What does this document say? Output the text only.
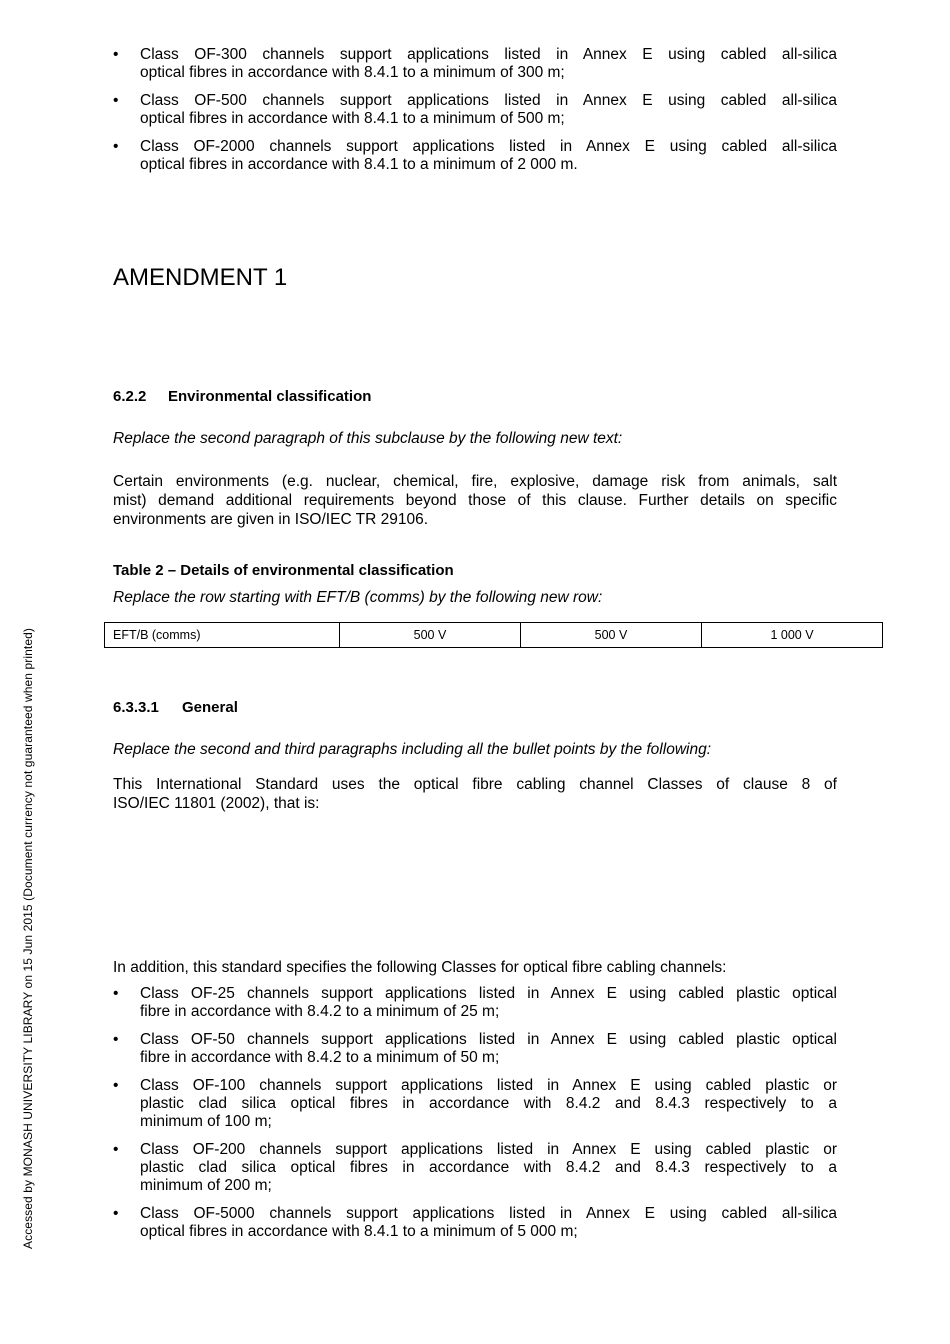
Accessed by MONASH UNIVERSITY LIBRARY on 15 Jun 2015 (Document currency not guaranteed when printed)
AMENDMENT 1
6.2.2 Environmental classification

Replace the second paragraph of this subclause by the following new text:

Certain environments (e.g. nuclear, chemical, fire, explosive, damage risk from animals, salt
mist) demand additional requirements beyond those of this clause. Further details on specific
environments are given in ISO/IEC TR 29106.

Table 2 – Details of environmental classification

Replace the row starting with EFT/B (comms) by the following new row:

EFT/B (comms)	500 V	500 V	1 000 V
6.3.3.1 General

Replace the second and third paragraphs including all the bullet points by the following:

This International Standard uses the optical fibre cabling channel Classes of clause 8 of
ISO/IEC 11801 (2002), that is:

• Class OF-300 channels support applications listed in Annex E using cabled all-silica
optical fibres in accordance with 8.4.1 to a minimum of 300 m;
• Class OF-500 channels support applications listed in Annex E using cabled all-silica
optical fibres in accordance with 8.4.1 to a minimum of 500 m;
• Class OF-2000 channels support applications listed in Annex E using cabled all-silica
optical fibres in accordance with 8.4.1 to a minimum of 2 000 m.

In addition, this standard specifies the following Classes for optical fibre cabling channels:

• Class OF-25 channels support applications listed in Annex E using cabled plastic optical
fibre in accordance with 8.4.2 to a minimum of 25 m;
• Class OF-50 channels support applications listed in Annex E using cabled plastic optical
fibre in accordance with 8.4.2 to a minimum of 50 m;
• Class OF-100 channels support applications listed in Annex E using cabled plastic or
plastic clad silica optical fibres in accordance with 8.4.2 and 8.4.3 respectively to a
minimum of 100 m;
• Class OF-200 channels support applications listed in Annex E using cabled plastic or
plastic clad silica optical fibres in accordance with 8.4.2 and 8.4.3 respectively to a
minimum of 200 m;
• Class OF-5000 channels support applications listed in Annex E using cabled all-silica
optical fibres in accordance with 8.4.1 to a minimum of 5 000 m;
